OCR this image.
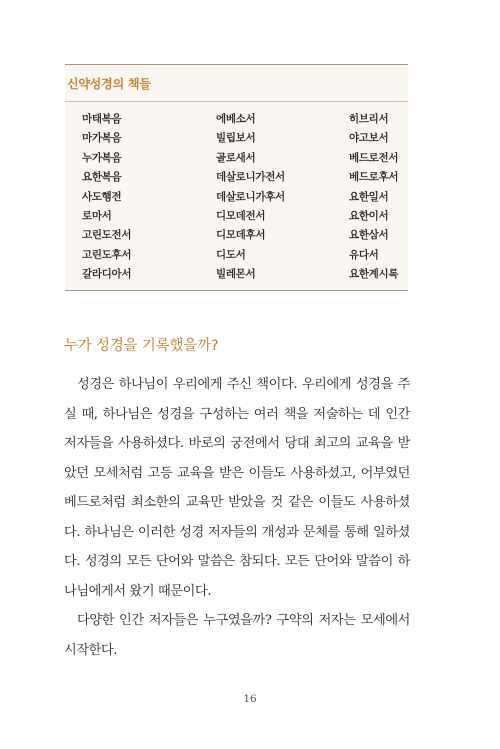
신약성경의 책들
마태복음
마가복음
누가복음
요한복음
사도행전
로마서
고린도전서
고린도후서
갈라디아서
에베소서
빌립보서
골로새서
데살로니가전서
데살로니가후서
디모데전서
디모데후서
디도서
빌레몬서
히브리서
야고보서
베드로전서
베드로후서
요한일서
요한이서
요한삼서
유다서
요한계시록
누가 성경을 기록했을까?

성경은 하나님이 우리에게 주신 책이다. 우리에게 성경을 주실 때, 하나님은 성경을 구성하는 여러 책을 저술하는 데 인간 저자들을 사용하셨다. 바로의 궁전에서 당대 최고의 교육을 받았던 모세처럼 고등 교육을 받은 이들도 사용하셨고, 어부였던 베드로처럼 최소한의 교육만 받았을 것 같은 이들도 사용하셨다. 하나님은 이러한 성경 저자들의 개성과 문체를 통해 일하셨다. 성경의 모든 단어와 말씀은 참되다. 모든 단어와 말씀이 하나님에게서 왔기 때문이다.

다양한 인간 저자들은 누구였을까? 구약의 저자는 모세에서 시작한다.

16
